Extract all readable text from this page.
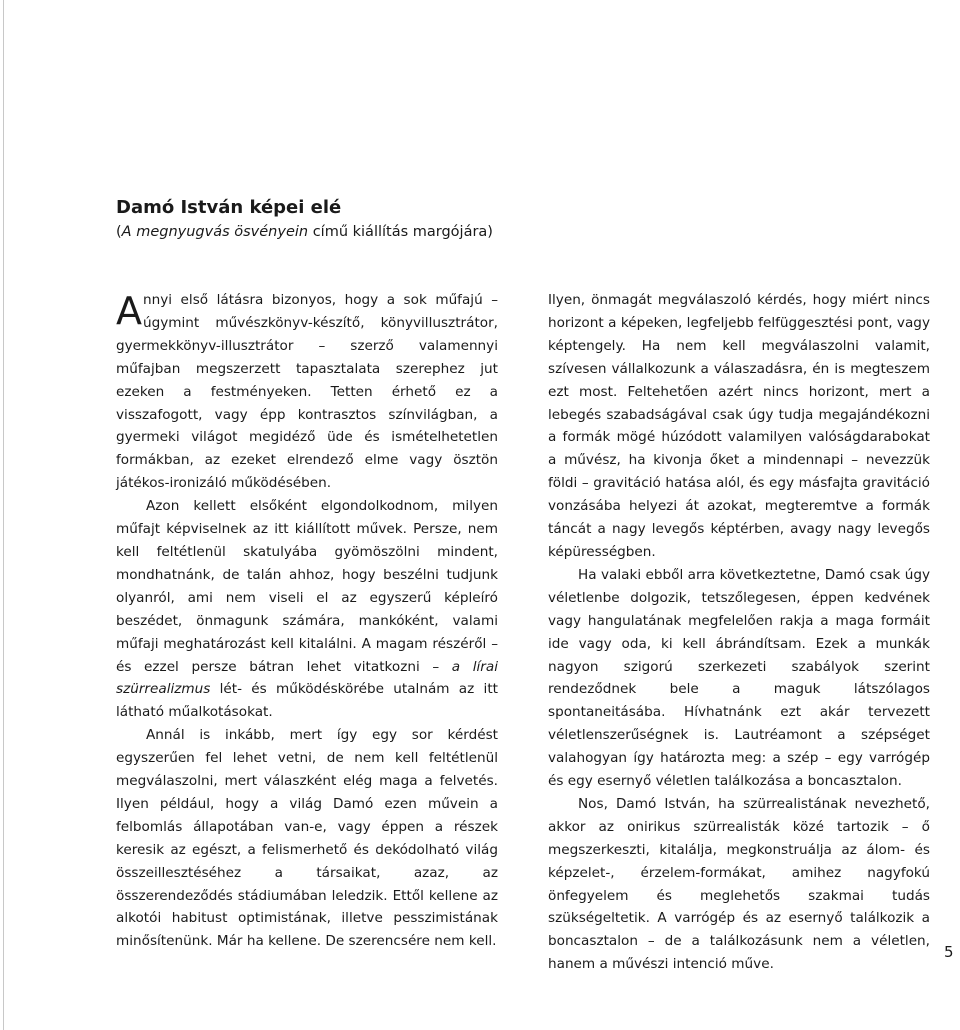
Damó István képei elé
(A megnyugvás ösvényein című kiállítás margójára)

Annyi első látásra bizonyos, hogy a sok műfajú – úgymint művészkönyv-készítő, könyvillusztrátor, gyermekkönyv-illusztrátor – szerző valamennyi műfajban megszerzett tapasztalata szerephez jut ezeken a festményeken. Tetten érhető ez a visszafogott, vagy épp kontrasztos színvilágban, a gyermeki világot megidéző üde és ismételhetetlen formákban, az ezeket elrendező elme vagy ösztön játékos-ironizáló működésében.

Azon kellett elsőként elgondolkodnom, milyen műfajt képviselnek az itt kiállított művek. Persze, nem kell feltétlenül skatulyába gyömöszölni mindent, mondhatnánk, de talán ahhoz, hogy beszélni tudjunk olyanról, ami nem viseli el az egyszerű képleíró beszédet, önmagunk számára, mankóként, valami műfaji meghatározást kell kitalálni. A magam részéről – és ezzel persze bátran lehet vitatkozni – a lírai szürrealizmus lét- és működéskörébe utalnám az itt látható műalkotásokat.

Annál is inkább, mert így egy sor kérdést egyszerűen fel lehet vetni, de nem kell feltétlenül megválaszolni, mert válaszként elég maga a felvetés. Ilyen például, hogy a világ Damó ezen művein a felbomlás állapotában van-e, vagy éppen a részek keresik az egészt, a felismerhető és dekódolható világ összeillesztéséhez a társaikat, azaz, az összerendeződés stádiumában leledzik. Ettől kellene az alkotói habitust optimistának, illetve pesszimistának minősítenünk. Már ha kellene. De szerencsére nem kell.

Ilyen, önmagát megválaszoló kérdés, hogy miért nincs horizont a képeken, legfeljebb felfüggesztési pont, vagy képtengely. Ha nem kell megválaszolni valamit, szívesen vállalkozunk a válaszadásra, én is megteszem ezt most. Feltehetően azért nincs horizont, mert a lebegés szabadságával csak úgy tudja megajándékozni a formák mögé húzódott valamilyen valóságdarabokat a művész, ha kivonja őket a mindennapi – nevezzük földi – gravitáció hatása alól, és egy másfajta gravitáció vonzásába helyezi át azokat, megteremtve a formák táncát a nagy levegős képtérben, avagy nagy levegős képürességben.

Ha valaki ebből arra következtetne, Damó csak úgy véletlenbe dolgozik, tetszőlegesen, éppen kedvének vagy hangulatának megfelelően rakja a maga formáit ide vagy oda, ki kell ábrándítsam. Ezek a munkák nagyon szigorú szerkezeti szabályok szerint rendeződnek bele a maguk látszólagos spontaneitásába. Hívhatnánk ezt akár tervezett véletlenszerűségnek is. Lautréamont a szépséget valahogyan így határozta meg: a szép – egy varrógép és egy esernyő véletlen találkozása a boncasztalon.

Nos, Damó István, ha szürrealistának nevezhető, akkor az onirikus szürrealisták közé tartozik – ő megszerkeszti, kitalálja, megkonstruálja az álom- és képzelet-, érzelem-formákat, amihez nagyfokú önfegyelem és meglehetős szakmai tudás szükségeltetik. A varrógép és az esernyő találkozik a boncasztalon – de a találkozásunk nem a véletlen, hanem a művészi intenció műve.

5
